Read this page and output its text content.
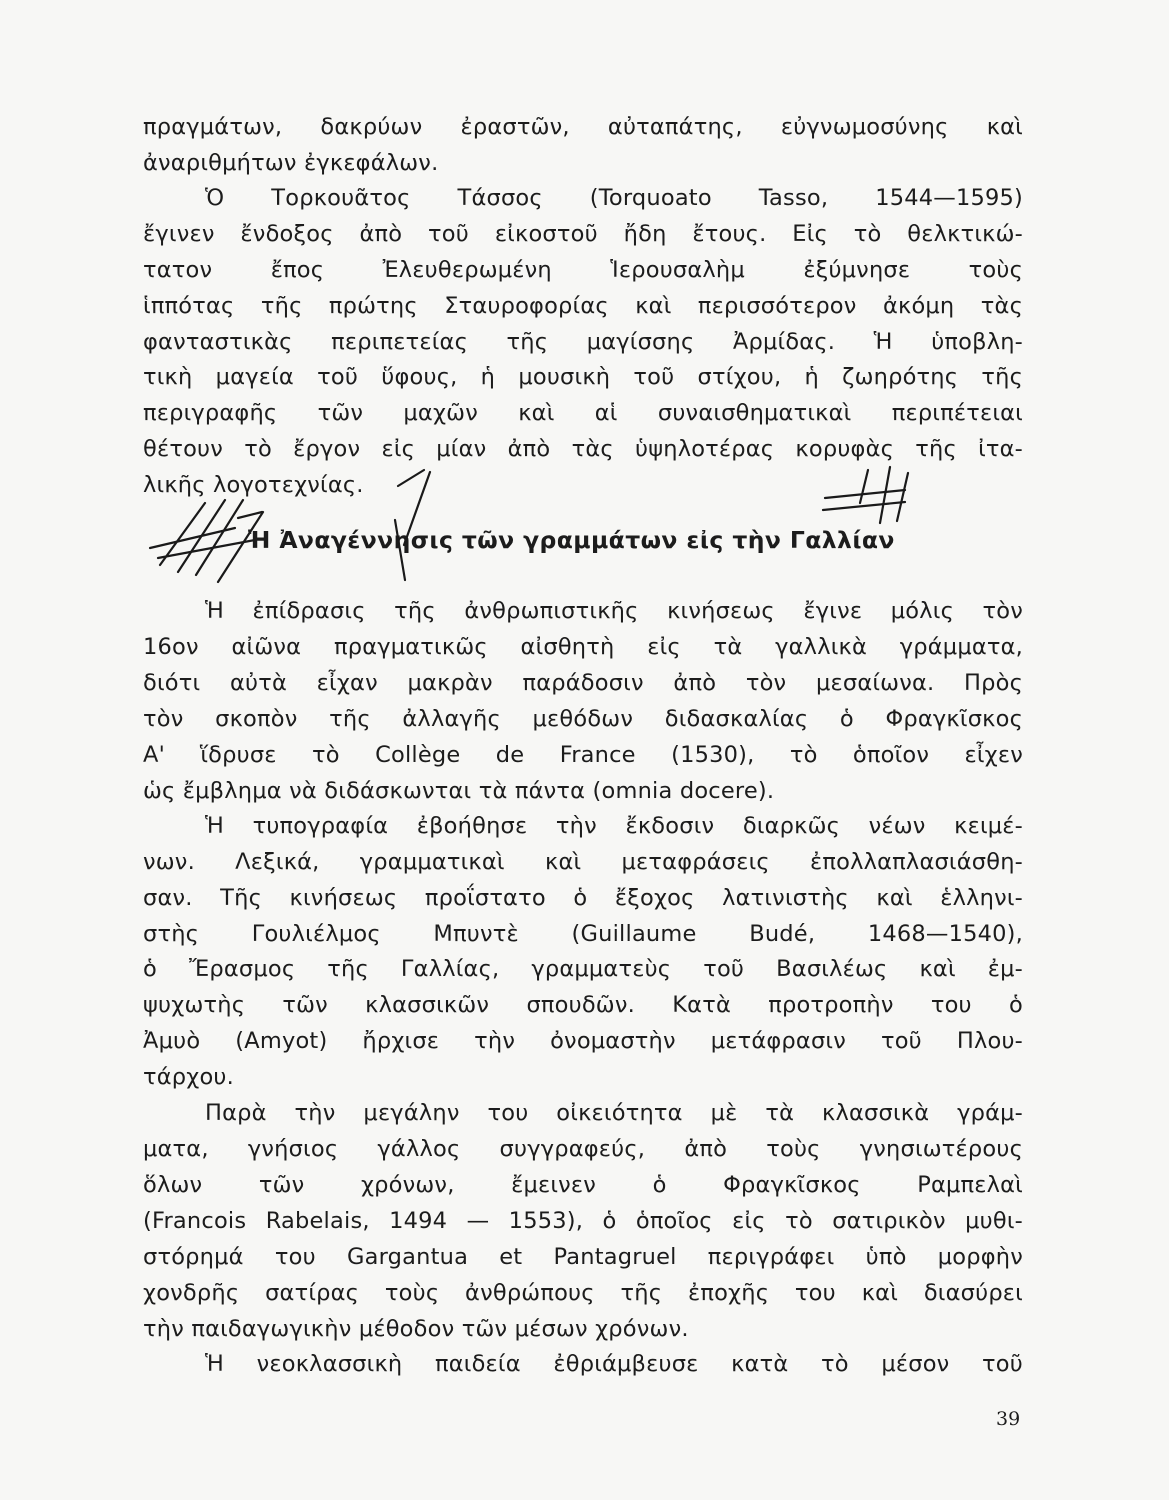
πραγμάτων, δακρύων ἐραστῶν, αὐταπάτης, εὐγνωμοσύνης καὶ
ἀναριθμήτων ἐγκεφάλων.
Ὁ Τορκουᾶτος Τάσσος (Torquoato Tasso, 1544—1595)
ἔγινεν ἔνδοξος ἀπὸ τοῦ εἰκοστοῦ ἤδη ἔτους. Εἰς τὸ θελκτικώ-
τατον ἔπος Ἐλευθερωμένη Ἱερουσαλὴμ ἐξύμνησε τοὺς
ἱππότας τῆς πρώτης Σταυροφορίας καὶ περισσότερον ἀκόμη τὰς
φανταστικὰς περιπετείας τῆς μαγίσσης Ἀρμίδας. Ἡ ὑποβλη-
τικὴ μαγεία τοῦ ὕφους, ἡ μουσικὴ τοῦ στίχου, ἡ ζωηρότης τῆς
περιγραφῆς τῶν μαχῶν καὶ αἱ συναισθηματικαὶ περιπέτειαι
θέτουν τὸ ἔργον εἰς μίαν ἀπὸ τὰς ὑψηλοτέρας κορυφὰς τῆς ἰτα-
λικῆς λογοτεχνίας.
Ἡ Ἀναγέννησις τῶν γραμμάτων εἰς τὴν Γαλλίαν
Ἡ ἐπίδρασις τῆς ἀνθρωπιστικῆς κινήσεως ἔγινε μόλις τὸν
16ον αἰῶνα πραγματικῶς αἰσθητὴ εἰς τὰ γαλλικὰ γράμματα,
διότι αὐτὰ εἶχαν μακρὰν παράδοσιν ἀπὸ τὸν μεσαίωνα. Πρὸς
τὸν σκοπὸν τῆς ἀλλαγῆς μεθόδων διδασκαλίας ὁ Φραγκῖσκος
Α' ἵδρυσε τὸ Collège de France (1530), τὸ ὁποῖον εἶχεν
ὡς ἔμβλημα νὰ διδάσκωνται τὰ πάντα (omnia docere).
Ἡ τυπογραφία ἐβοήθησε τὴν ἔκδοσιν διαρκῶς νέων κειμέ-
νων. Λεξικά, γραμματικαὶ καὶ μεταφράσεις ἐπολλαπλασιάσθη-
σαν. Τῆς κινήσεως προΐστατο ὁ ἔξοχος λατινιστὴς καὶ ἑλληνι-
στὴς Γουλιέλμος Μπυντὲ (Guillaume Budé, 1468—1540),
ὁ Ἔρασμος τῆς Γαλλίας, γραμματεὺς τοῦ Βασιλέως καὶ ἐμ-
ψυχωτὴς τῶν κλασσικῶν σπουδῶν. Κατὰ προτροπὴν του ὁ
Ἀμυὸ (Amyot) ἤρχισε τὴν ὀνομαστὴν μετάφρασιν τοῦ Πλου-
τάρχου.
Παρὰ τὴν μεγάλην του οἰκειότητα μὲ τὰ κλασσικὰ γράμ-
ματα, γνήσιος γάλλος συγγραφεύς, ἀπὸ τοὺς γνησιωτέρους
ὅλων τῶν χρόνων, ἔμεινεν ὁ Φραγκῖσκος Ραμπελαὶ
(Francois Rabelais, 1494 — 1553), ὁ ὁποῖος εἰς τὸ σατιρικὸν μυθι-
στόρημά του Gargantua et Pantagruel περιγράφει ὑπὸ μορφὴν
χονδρῆς σατίρας τοὺς ἀνθρώπους τῆς ἐποχῆς του καὶ διασύρει
τὴν παιδαγωγικὴν μέθοδον τῶν μέσων χρόνων.
Ἡ νεοκλασσικὴ παιδεία ἐθριάμβευσε κατὰ τὸ μέσον τοῦ
39
